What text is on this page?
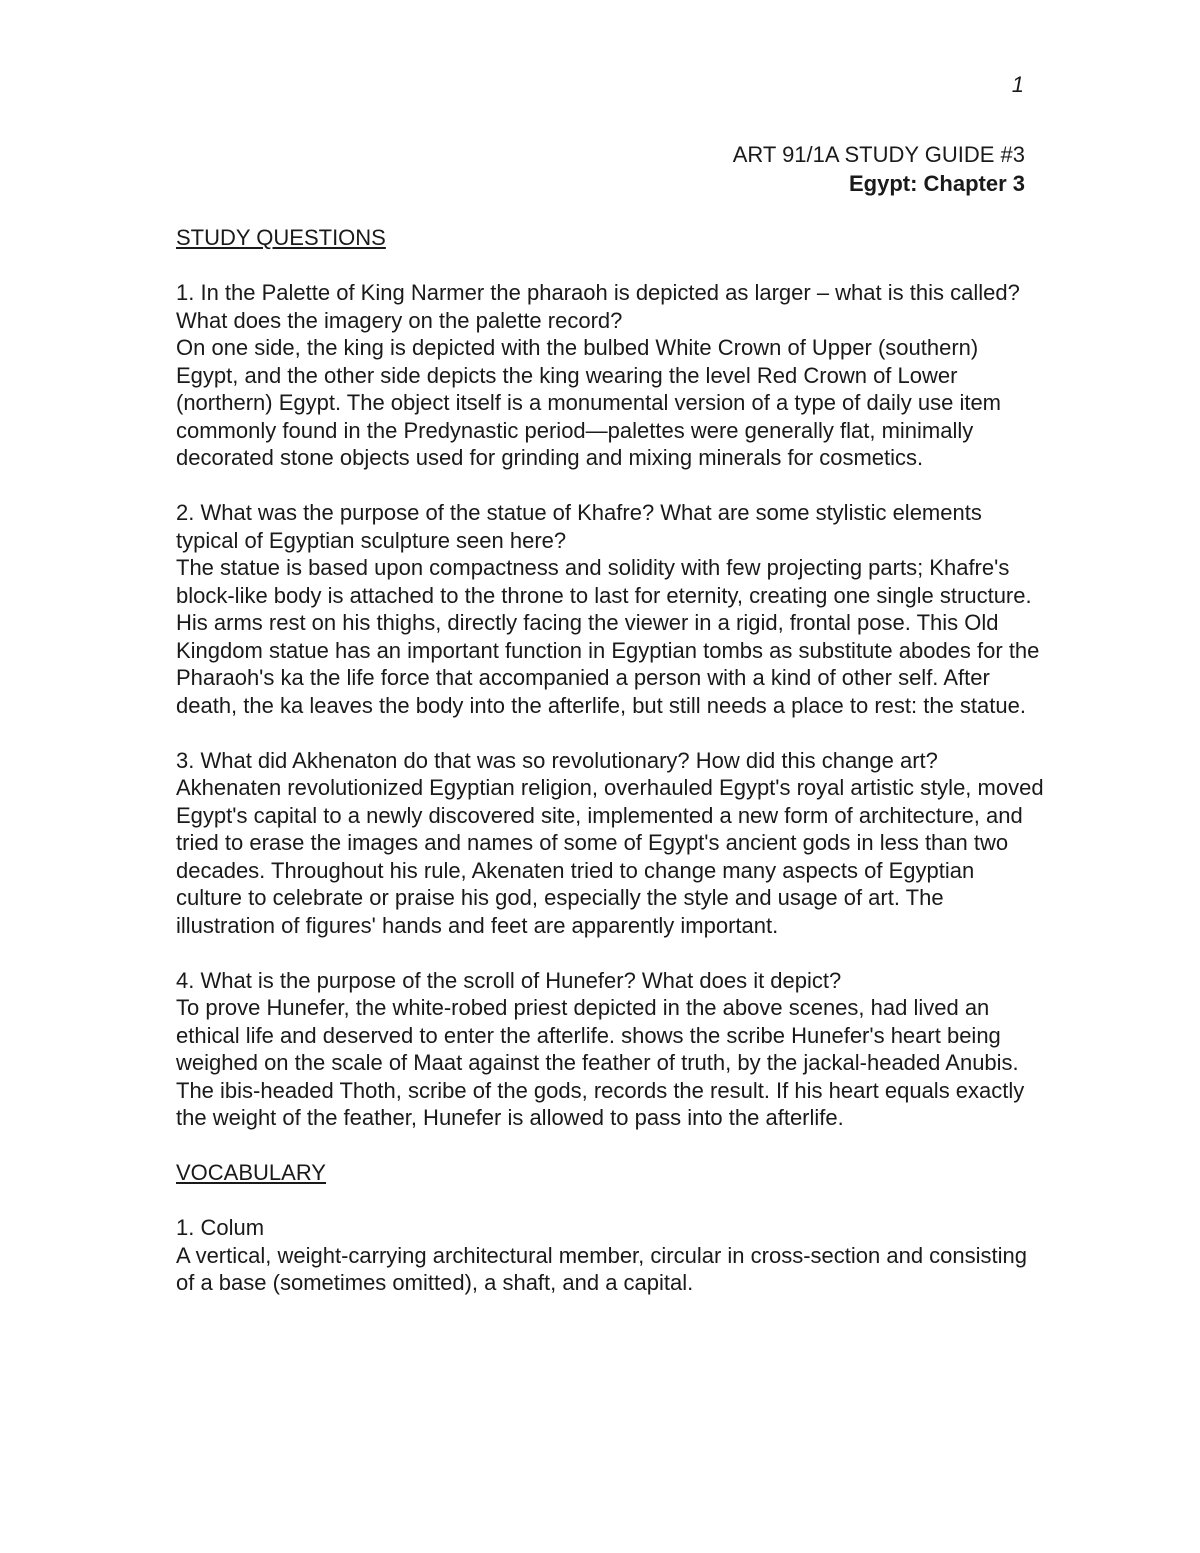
1
ART 91/1A STUDY GUIDE #3
Egypt: Chapter 3
STUDY QUESTIONS

1. In the Palette of King Narmer the pharaoh is depicted as larger – what is this called? What does the imagery on the palette record?

On one side, the king is depicted with the bulbed White Crown of Upper (southern) Egypt, and the other side depicts the king wearing the level Red Crown of Lower (northern) Egypt. The object itself is a monumental version of a type of daily use item commonly found in the Predynastic period—palettes were generally flat, minimally decorated stone objects used for grinding and mixing minerals for cosmetics.

2. What was the purpose of the statue of Khafre? What are some stylistic elements typical of Egyptian sculpture seen here?

The statue is based upon compactness and solidity with few projecting parts; Khafre's block-like body is attached to the throne to last for eternity, creating one single structure. His arms rest on his thighs, directly facing the viewer in a rigid, frontal pose. This Old Kingdom statue has an important function in Egyptian tombs as substitute abodes for the Pharaoh's ka the life force that accompanied a person with a kind of other self. After death, the ka leaves the body into the afterlife, but still needs a place to rest: the statue.

3. What did Akhenaton do that was so revolutionary? How did this change art?

Akhenaten revolutionized Egyptian religion, overhauled Egypt's royal artistic style, moved Egypt's capital to a newly discovered site, implemented a new form of architecture, and tried to erase the images and names of some of Egypt's ancient gods in less than two decades. Throughout his rule, Akenaten tried to change many aspects of Egyptian culture to celebrate or praise his god, especially the style and usage of art. The illustration of figures' hands and feet are apparently important.

4. What is the purpose of the scroll of Hunefer? What does it depict?

To prove Hunefer, the white-robed priest depicted in the above scenes, had lived an ethical life and deserved to enter the afterlife. shows the scribe Hunefer's heart being weighed on the scale of Maat against the feather of truth, by the jackal-headed Anubis. The ibis-headed Thoth, scribe of the gods, records the result. If his heart equals exactly the weight of the feather, Hunefer is allowed to pass into the afterlife.

VOCABULARY

1. Colum

A vertical, weight-carrying architectural member, circular in cross-section and consisting of a base (sometimes omitted), a shaft, and a capital.
